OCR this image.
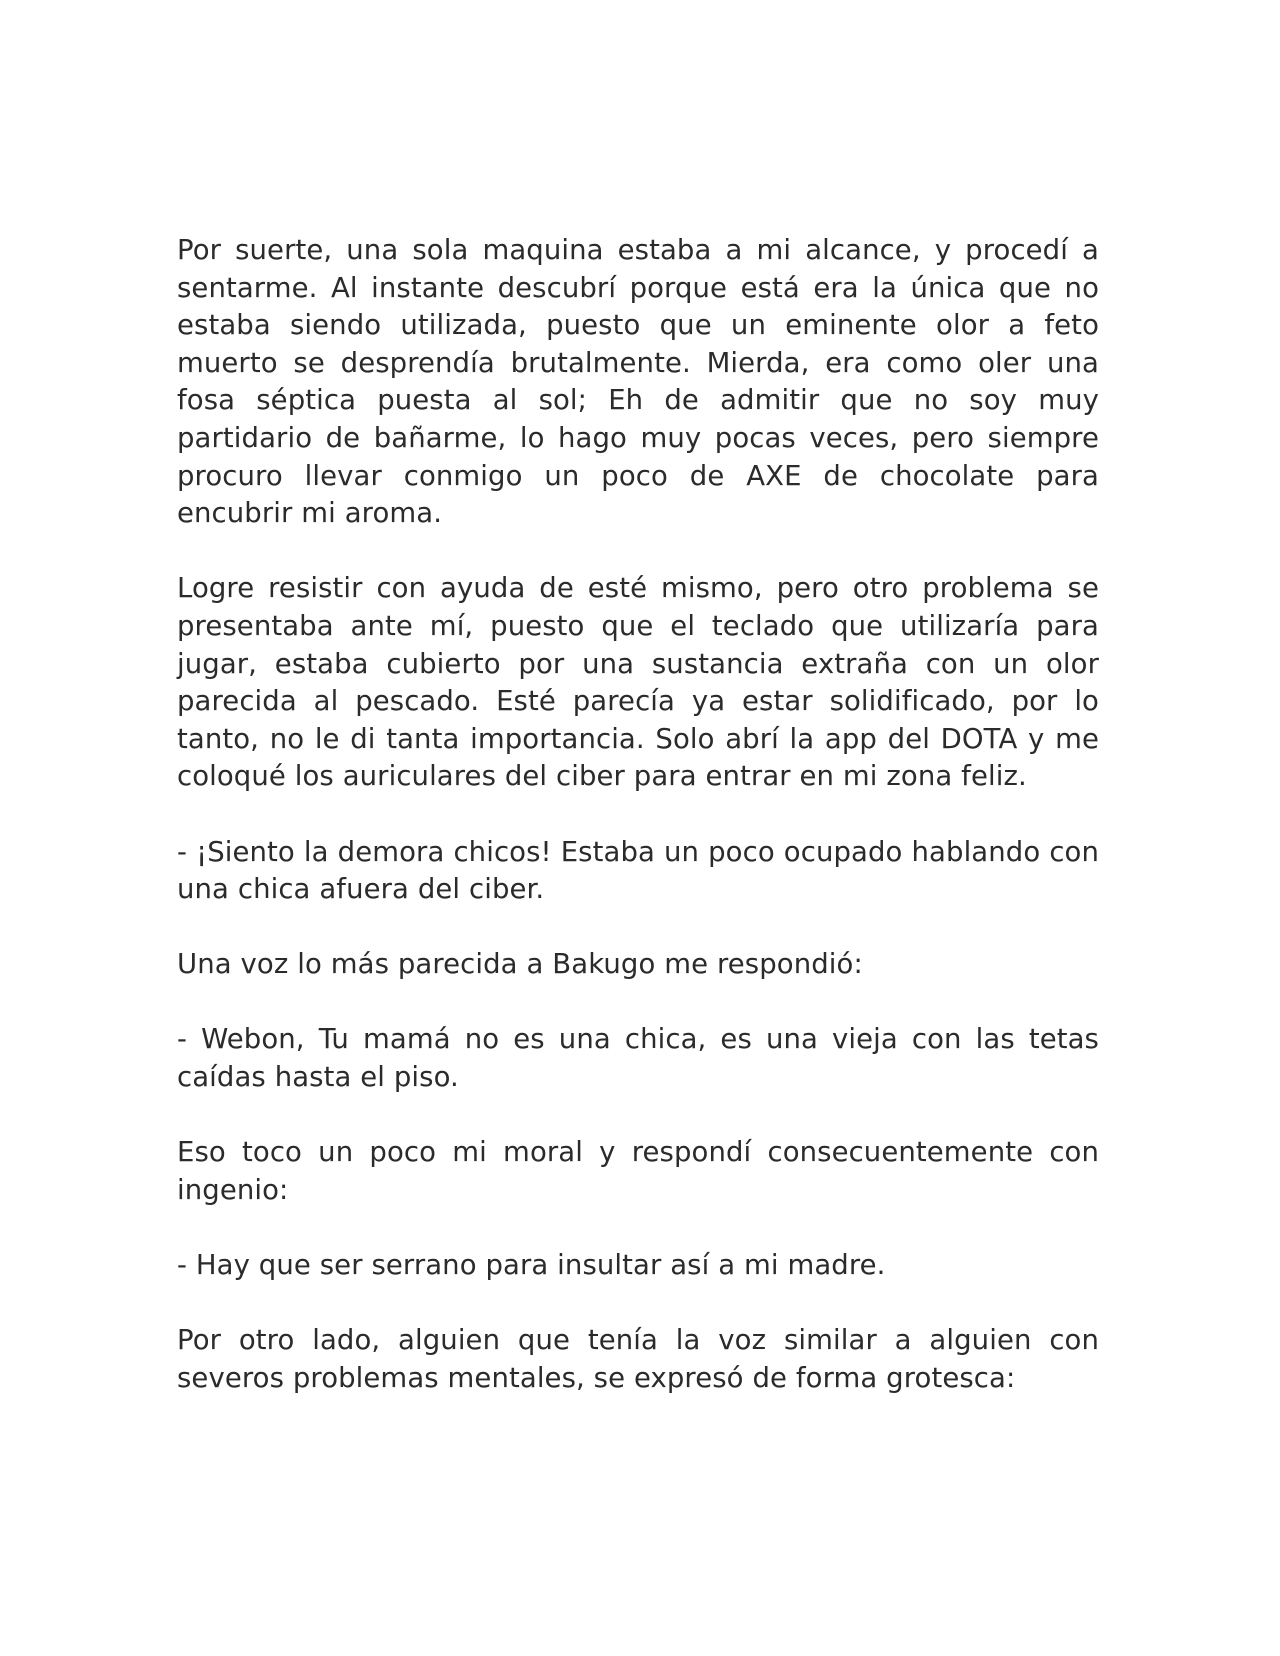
Por suerte, una sola maquina estaba a mi alcance, y procedí a sentarme. Al instante descubrí porque está era la única que no estaba siendo utilizada, puesto que un eminente olor a feto muerto se desprendía brutalmente. Mierda, era como oler una fosa séptica puesta al sol; Eh de admitir que no soy muy partidario de bañarme, lo hago muy pocas veces, pero siempre procuro llevar conmigo un poco de AXE de chocolate para encubrir mi aroma.

Logre resistir con ayuda de esté mismo, pero otro problema se presentaba ante mí, puesto que el teclado que utilizaría para jugar, estaba cubierto por una sustancia extraña con un olor parecida al pescado. Esté parecía ya estar solidificado, por lo tanto, no le di tanta importancia. Solo abrí la app del DOTA y me coloqué los auriculares del ciber para entrar en mi zona feliz.

- ¡Siento la demora chicos! Estaba un poco ocupado hablando con una chica afuera del ciber.

Una voz lo más parecida a Bakugo me respondió:

- Webon, Tu mamá no es una chica, es una vieja con las tetas caídas hasta el piso.

Eso toco un poco mi moral y respondí consecuentemente con ingenio:

- Hay que ser serrano para insultar así a mi madre.

Por otro lado, alguien que tenía la voz similar a alguien con severos problemas mentales, se expresó de forma grotesca:
